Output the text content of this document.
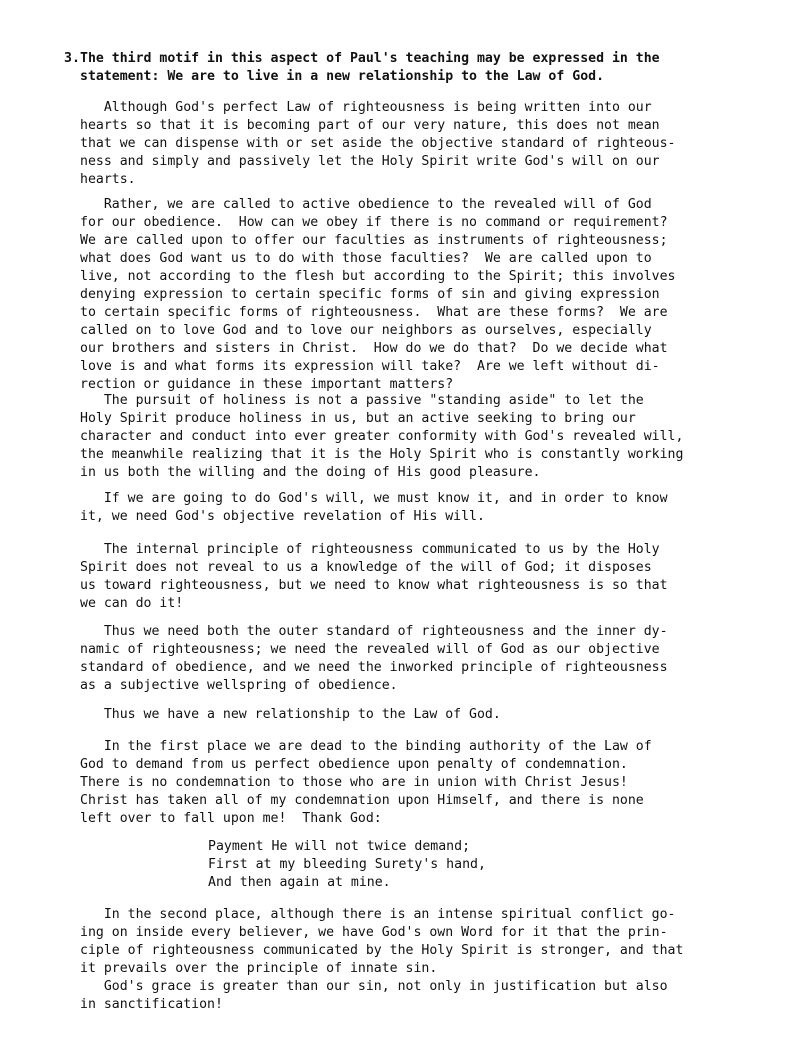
3. The third motif in this aspect of Paul's teaching may be expressed in the
statement: We are to live in a new relationship to the Law of God.
Although God's perfect Law of righteousness is being written into our
hearts so that it is becoming part of our very nature, this does not mean
that we can dispense with or set aside the objective standard of righteous-
ness and simply and passively let the Holy Spirit write God's will on our
hearts.
Rather, we are called to active obedience to the revealed will of God
for our obedience.  How can we obey if there is no command or requirement?
We are called upon to offer our faculties as instruments of righteousness;
what does God want us to do with those faculties?  We are called upon to
live, not according to the flesh but according to the Spirit; this involves
denying expression to certain specific forms of sin and giving expression
to certain specific forms of righteousness.  What are these forms?  We are
called on to love God and to love our neighbors as ourselves, especially
our brothers and sisters in Christ.  How do we do that?  Do we decide what
love is and what forms its expression will take?  Are we left without di-
rection or guidance in these important matters?
The pursuit of holiness is not a passive "standing aside" to let the
Holy Spirit produce holiness in us, but an active seeking to bring our
character and conduct into ever greater conformity with God's revealed will,
the meanwhile realizing that it is the Holy Spirit who is constantly working
in us both the willing and the doing of His good pleasure.
If we are going to do God's will, we must know it, and in order to know
it, we need God's objective revelation of His will.
The internal principle of righteousness communicated to us by the Holy
Spirit does not reveal to us a knowledge of the will of God; it disposes
us toward righteousness, but we need to know what righteousness is so that
we can do it!
Thus we need both the outer standard of righteousness and the inner dy-
namic of righteousness; we need the revealed will of God as our objective
standard of obedience, and we need the inworked principle of righteousness
as a subjective wellspring of obedience.
Thus we have a new relationship to the Law of God.
In the first place we are dead to the binding authority of the Law of
God to demand from us perfect obedience upon penalty of condemnation.
There is no condemnation to those who are in union with Christ Jesus!
Christ has taken all of my condemnation upon Himself, and there is none
left over to fall upon me!  Thank God:
Payment He will not twice demand;
First at my bleeding Surety's hand,
And then again at mine.
In the second place, although there is an intense spiritual conflict go-
ing on inside every believer, we have God's own Word for it that the prin-
ciple of righteousness communicated by the Holy Spirit is stronger, and that
it prevails over the principle of innate sin.
God's grace is greater than our sin, not only in justification but also
in sanctification!
